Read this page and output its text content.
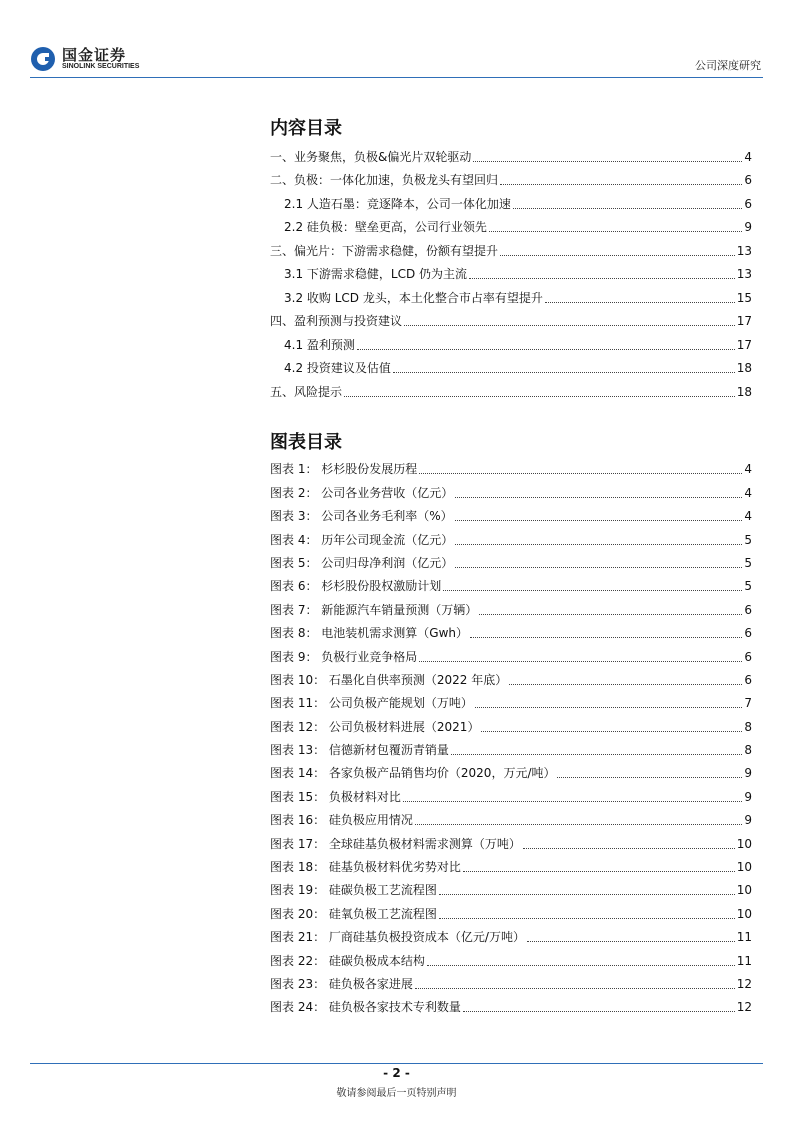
国金证券
SINOLINK SECURITIES	公司深度研究
内容目录
一、业务聚焦，负极&偏光片双轮驱动	4
二、负极：一体化加速，负极龙头有望回归	6
2.1 人造石墨：竞逐降本，公司一体化加速	6
2.2 硅负极：壁垒更高，公司行业领先	9
三、偏光片：下游需求稳健，份额有望提升	13
3.1 下游需求稳健，LCD 仍为主流	13
3.2 收购 LCD 龙头，本土化整合市占率有望提升	15
四、盈利预测与投资建议	17
4.1 盈利预测	17
4.2 投资建议及估值	18
五、风险提示	18
图表目录
图表 1： 杉杉股份发展历程	4
图表 2： 公司各业务营收（亿元）	4
图表 3： 公司各业务毛利率（%）	4
图表 4： 历年公司现金流（亿元）	5
图表 5： 公司归母净利润（亿元）	5
图表 6： 杉杉股份股权激励计划	5
图表 7： 新能源汽车销量预测（万辆）	6
图表 8： 电池装机需求测算（Gwh）	6
图表 9： 负极行业竞争格局	6
图表 10： 石墨化自供率预测（2022 年底）	6
图表 11： 公司负极产能规划（万吨）	7
图表 12： 公司负极材料进展（2021）	8
图表 13： 信德新材包覆沥青销量	8
图表 14： 各家负极产品销售均价（2020，万元/吨）	9
图表 15： 负极材料对比	9
图表 16： 硅负极应用情况	9
图表 17： 全球硅基负极材料需求测算（万吨）	10
图表 18： 硅基负极材料优劣势对比	10
图表 19： 硅碳负极工艺流程图	10
图表 20： 硅氧负极工艺流程图	10
图表 21： 厂商硅基负极投资成本（亿元/万吨）	11
图表 22： 硅碳负极成本结构	11
图表 23： 硅负极各家进展	12
图表 24： 硅负极各家技术专利数量	12
- 2 -
敬请参阅最后一页特别声明
